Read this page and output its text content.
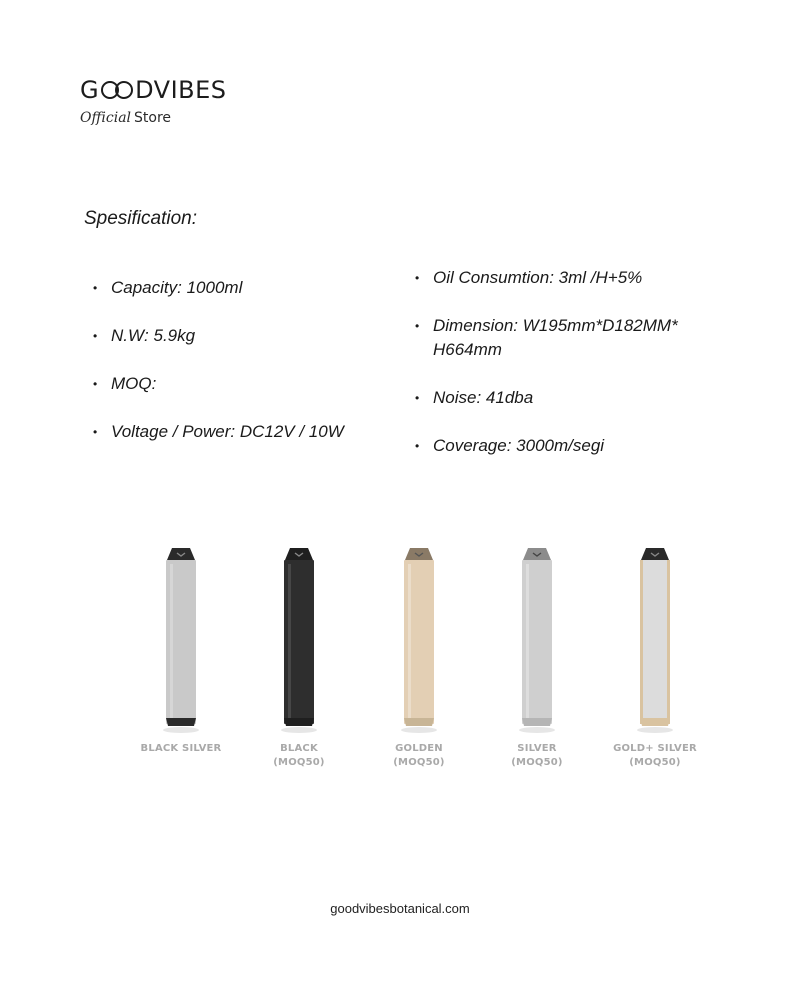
G DVIBES
Official Store
Spesification:
• Capacity: 1000ml
• N.W: 5.9kg
• MOQ:
• Voltage / Power: DC12V / 10W
• Oil Consumtion: 3ml /H+5%
• Dimension: W195mm*D182MM* H664mm
• Noise: 41dba
• Coverage: 3000m/segi
BLACK SILVER	BLACK
(MOQ50)
GOLDEN
(MOQ50)
SILVER
(MOQ50)
GOLD+ SILVER
(MOQ50)
goodvibesbotanical.com
